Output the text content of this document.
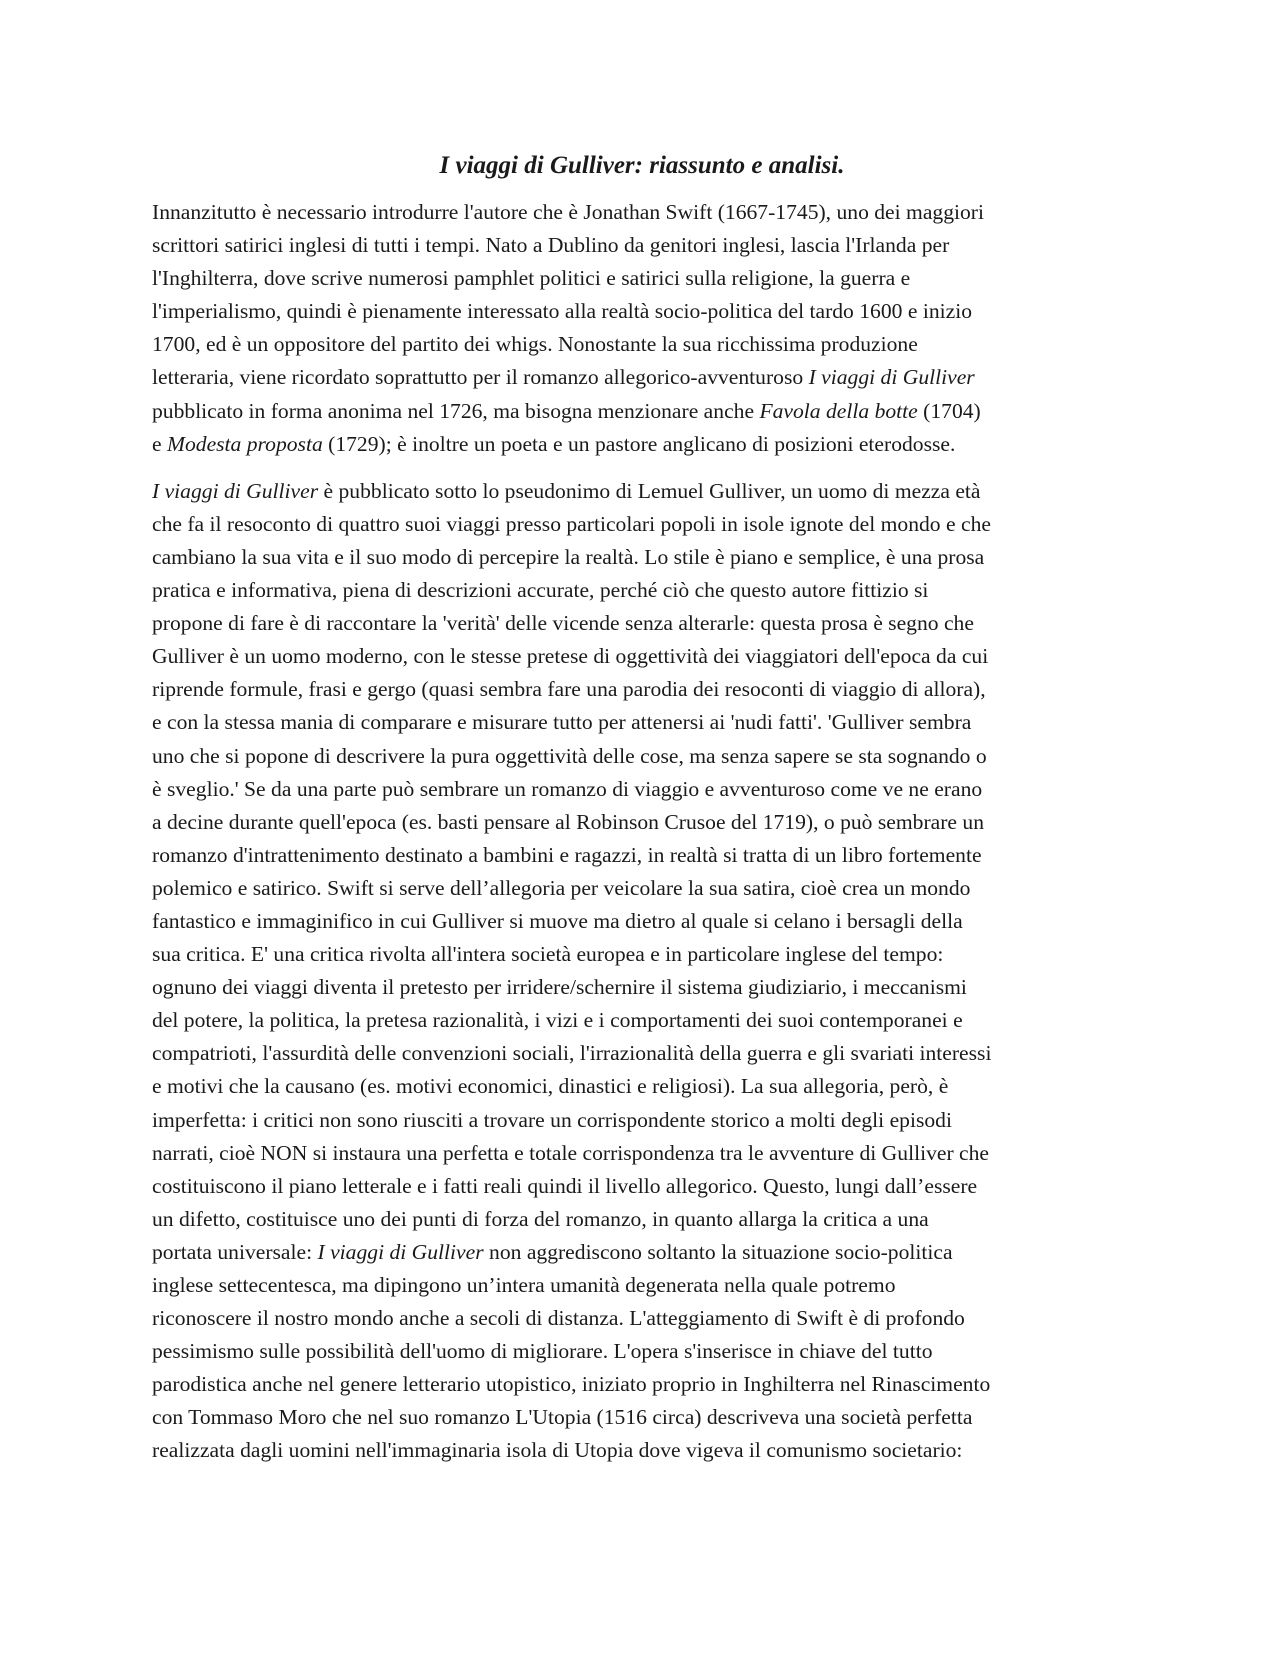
I viaggi di Gulliver: riassunto e analisi.

Innanzitutto è necessario introdurre l'autore che è Jonathan Swift (1667-1745), uno dei maggiori
scrittori satirici inglesi di tutti i tempi. Nato a Dublino da genitori inglesi, lascia l'Irlanda per
l'Inghilterra, dove scrive numerosi pamphlet politici e satirici sulla religione, la guerra e
l'imperialismo, quindi è pienamente interessato alla realtà socio-politica del tardo 1600 e inizio
1700, ed è un oppositore del partito dei whigs. Nonostante la sua ricchissima produzione
letteraria, viene ricordato soprattutto per il romanzo allegorico-avventuroso I viaggi di Gulliver
pubblicato in forma anonima nel 1726, ma bisogna menzionare anche Favola della botte (1704)
e Modesta proposta (1729); è inoltre un poeta e un pastore anglicano di posizioni eterodosse.

I viaggi di Gulliver è pubblicato sotto lo pseudonimo di Lemuel Gulliver, un uomo di mezza età
che fa il resoconto di quattro suoi viaggi presso particolari popoli in isole ignote del mondo e che
cambiano la sua vita e il suo modo di percepire la realtà. Lo stile è piano e semplice, è una prosa
pratica e informativa, piena di descrizioni accurate, perché ciò che questo autore fittizio si
propone di fare è di raccontare la 'verità' delle vicende senza alterarle: questa prosa è segno che
Gulliver è un uomo moderno, con le stesse pretese di oggettività dei viaggiatori dell'epoca da cui
riprende formule, frasi e gergo (quasi sembra fare una parodia dei resoconti di viaggio di allora),
e con la stessa mania di comparare e misurare tutto per attenersi ai 'nudi fatti'. 'Gulliver sembra
uno che si popone di descrivere la pura oggettività delle cose, ma senza sapere se sta sognando o
è sveglio.' Se da una parte può sembrare un romanzo di viaggio e avventuroso come ve ne erano
a decine durante quell'epoca (es. basti pensare al Robinson Crusoe del 1719), o può sembrare un
romanzo d'intrattenimento destinato a bambini e ragazzi, in realtà si tratta di un libro fortemente
polemico e satirico. Swift si serve dell’allegoria per veicolare la sua satira, cioè crea un mondo
fantastico e immaginifico in cui Gulliver si muove ma dietro al quale si celano i bersagli della
sua critica. E' una critica rivolta all'intera società europea e in particolare inglese del tempo:
ognuno dei viaggi diventa il pretesto per irridere/schernire il sistema giudiziario, i meccanismi
del potere, la politica, la pretesa razionalità, i vizi e i comportamenti dei suoi contemporanei e
compatrioti, l'assurdità delle convenzioni sociali, l'irrazionalità della guerra e gli svariati interessi
e motivi che la causano (es. motivi economici, dinastici e religiosi). La sua allegoria, però, è
imperfetta: i critici non sono riusciti a trovare un corrispondente storico a molti degli episodi
narrati, cioè NON si instaura una perfetta e totale corrispondenza tra le avventure di Gulliver che
costituiscono il piano letterale e i fatti reali quindi il livello allegorico. Questo, lungi dall’essere
un difetto, costituisce uno dei punti di forza del romanzo, in quanto allarga la critica a una
portata universale: I viaggi di Gulliver non aggrediscono soltanto la situazione socio-politica
inglese settecentesca, ma dipingono un’intera umanità degenerata nella quale potremo
riconoscere il nostro mondo anche a secoli di distanza. L'atteggiamento di Swift è di profondo
pessimismo sulle possibilità dell'uomo di migliorare. L'opera s'inserisce in chiave del tutto
parodistica anche nel genere letterario utopistico, iniziato proprio in Inghilterra nel Rinascimento
con Tommaso Moro che nel suo romanzo L'Utopia (1516 circa) descriveva una società perfetta
realizzata dagli uomini nell'immaginaria isola di Utopia dove vigeva il comunismo societario:
